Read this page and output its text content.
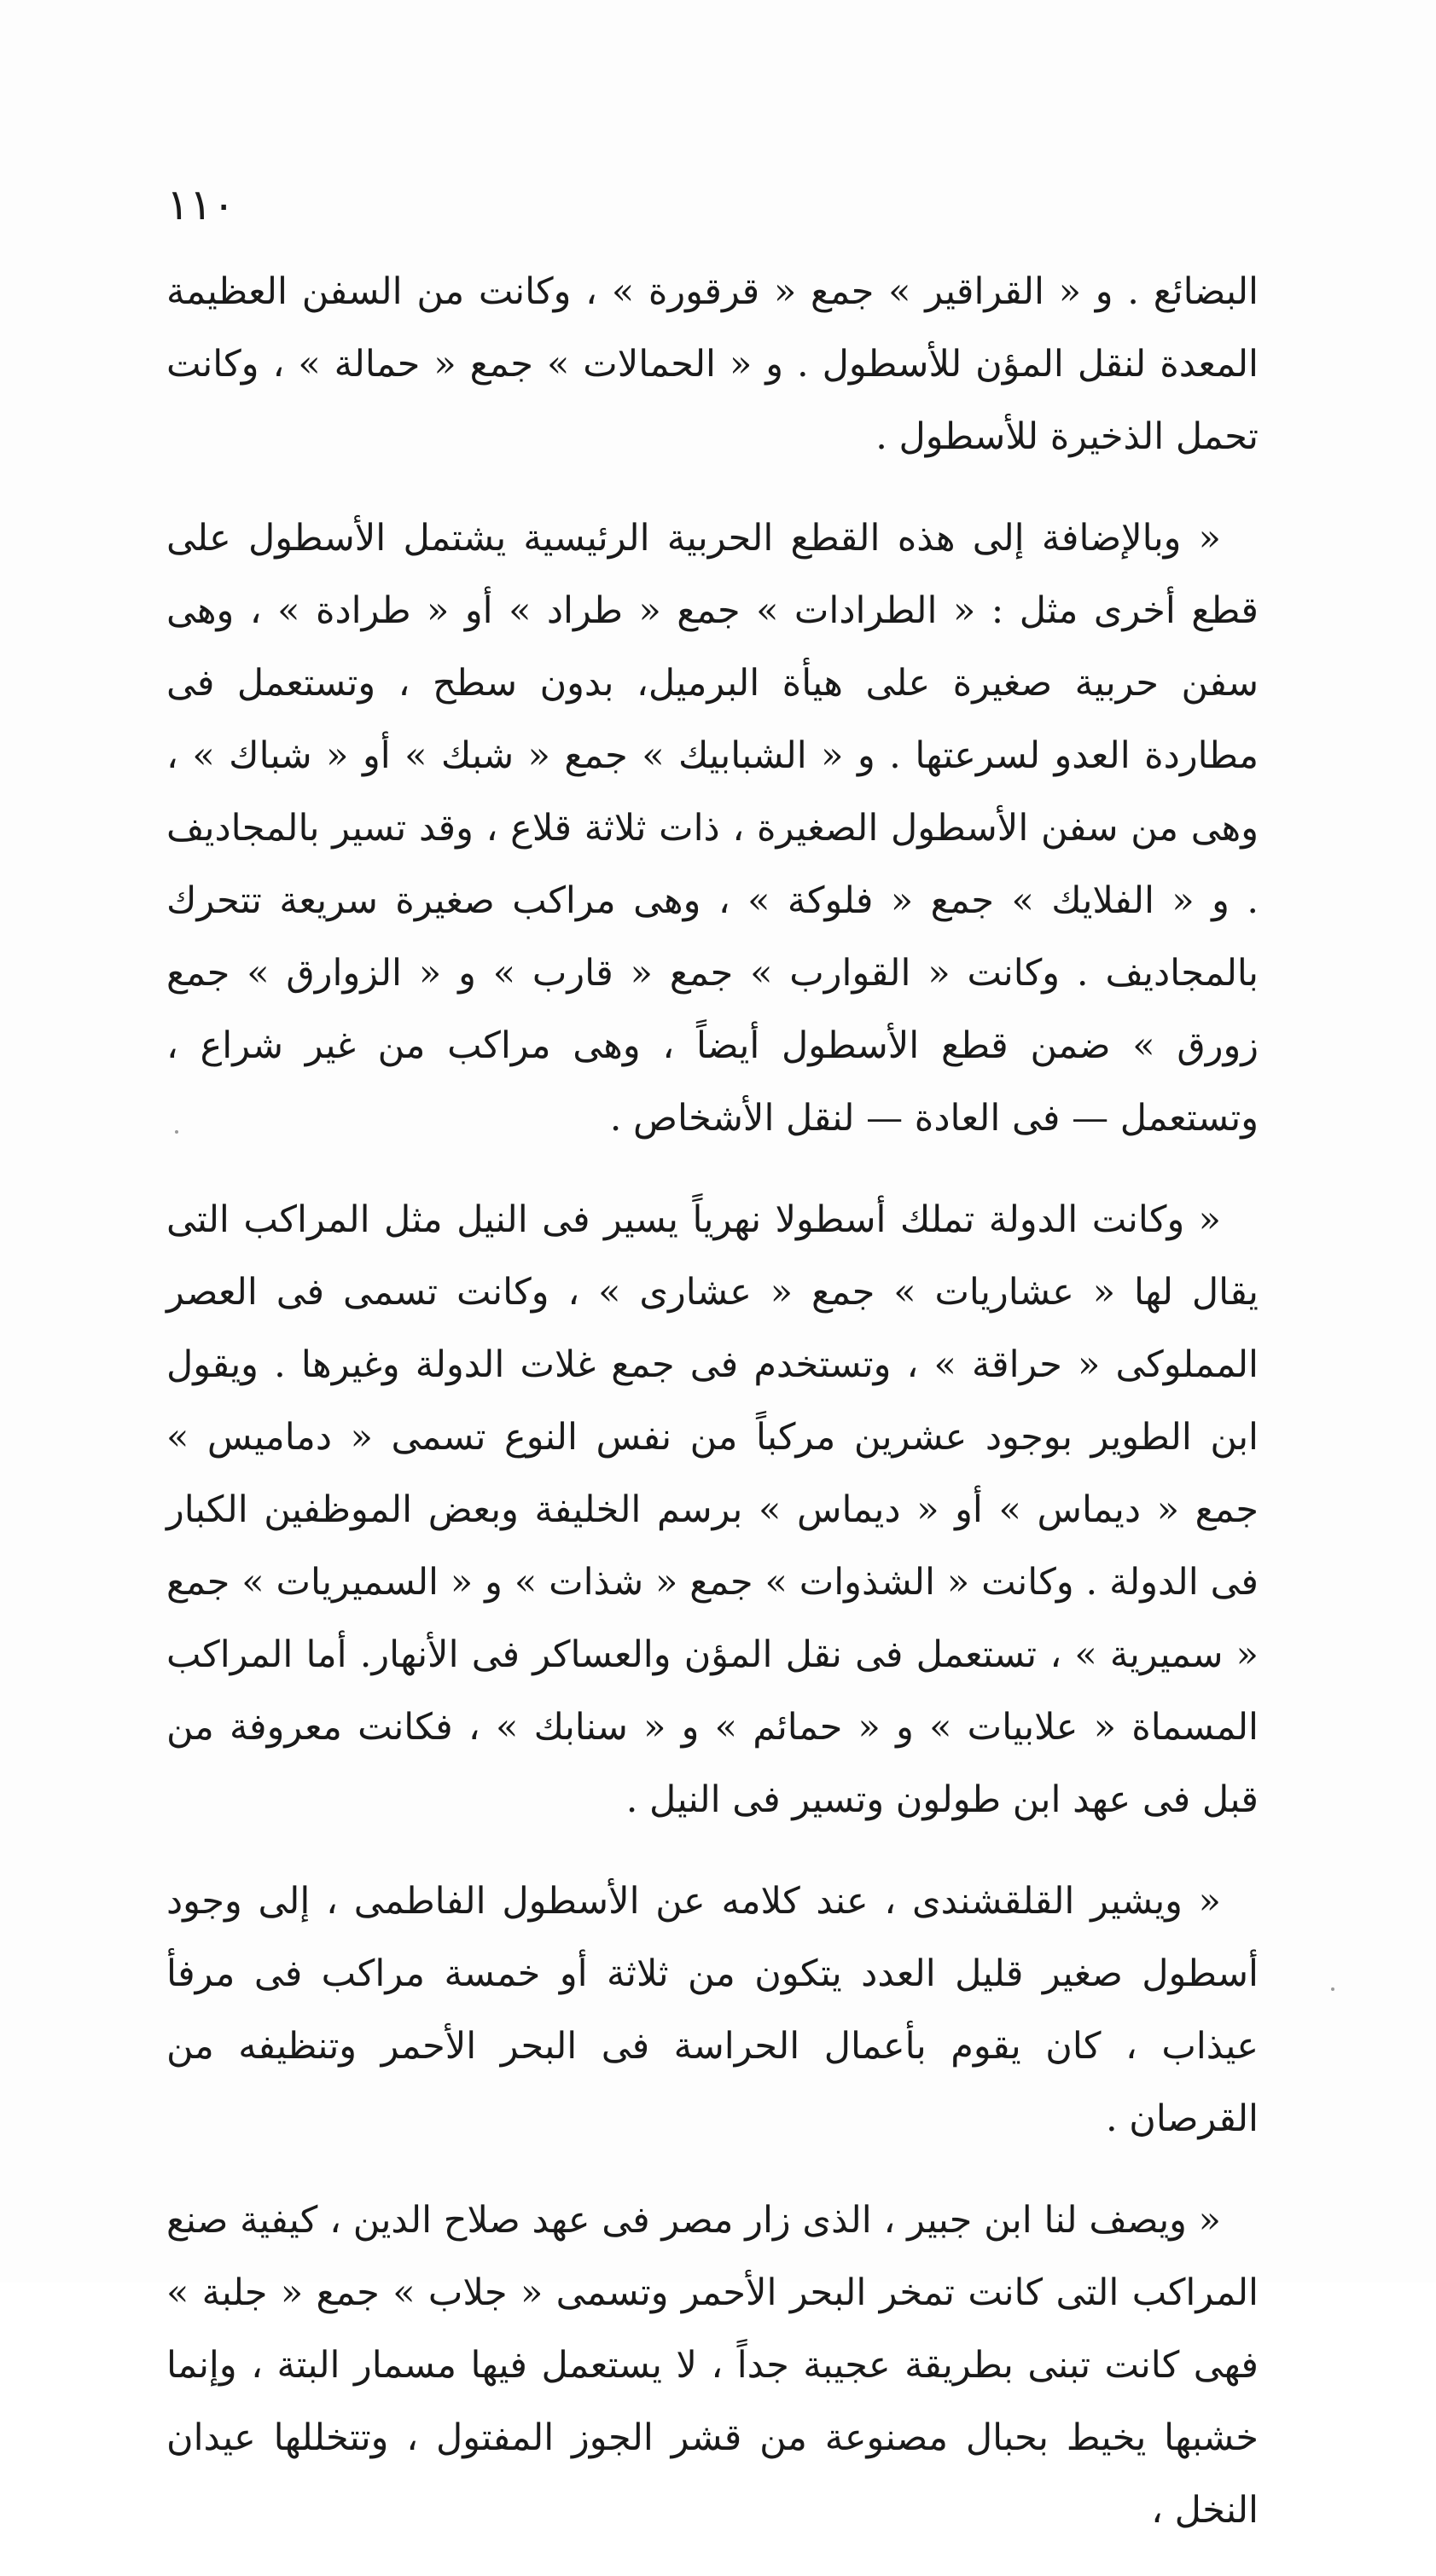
١١٠

البضائع . و « القراقير » جمع « قرقورة » ، وكانت من السفن العظيمة المعدة لنقل المؤن للأسطول . و « الحمالات » جمع « حمالة » ، وكانت تحمل الذخيرة للأسطول .

« وبالإضافة إلى هذه القطع الحربية الرئيسية يشتمل الأسطول على قطع أخرى مثل : « الطرادات » جمع « طراد » أو « طرادة » ، وهى سفن حربية صغيرة على هيأة البرميل، بدون سطح ، وتستعمل فى مطاردة العدو لسرعتها . و « الشبابيك » جمع « شبك » أو « شباك » ، وهى من سفن الأسطول الصغيرة ، ذات ثلاثة قلاع ، وقد تسير بالمجاديف . و « الفلايك » جمع « فلوكة » ، وهى مراكب صغيرة سريعة تتحرك بالمجاديف . وكانت « القوارب » جمع « قارب » و « الزوارق » جمع زورق » ضمن قطع الأسطول أيضاً ، وهى مراكب من غير شراع ، وتستعمل — فى العادة — لنقل الأشخاص .

« وكانت الدولة تملك أسطولا نهرياً يسير فى النيل مثل المراكب التى يقال لها « عشاريات » جمع « عشارى » ، وكانت تسمى فى العصر المملوكى « حراقة » ، وتستخدم فى جمع غلات الدولة وغيرها . ويقول ابن الطوير بوجود عشرين مركباً من نفس النوع تسمى « دماميس » جمع « ديماس » أو « ديماس » برسم الخليفة وبعض الموظفين الكبار فى الدولة . وكانت « الشذوات » جمع « شذات » و « السميريات » جمع « سميرية » ، تستعمل فى نقل المؤن والعساكر فى الأنهار. أما المراكب المسماة « علابيات » و « حمائم » و « سنابك » ، فكانت معروفة من قبل فى عهد ابن طولون وتسير فى النيل .

« ويشير القلقشندى ، عند كلامه عن الأسطول الفاطمى ، إلى وجود أسطول صغير قليل العدد يتكون من ثلاثة أو خمسة مراكب فى مرفأ عيذاب ، كان يقوم بأعمال الحراسة فى البحر الأحمر وتنظيفه من القرصان .

« ويصف لنا ابن جبير ، الذى زار مصر فى عهد صلاح الدين ، كيفية صنع المراكب التى كانت تمخر البحر الأحمر وتسمى « جلاب » جمع « جلبة » فهى كانت تبنى بطريقة عجيبة جداً ، لا يستعمل فيها مسمار البتة ، وإنما خشبها يخيط بحبال مصنوعة من قشر الجوز المفتول ، وتتخللها عيدان النخل ،
